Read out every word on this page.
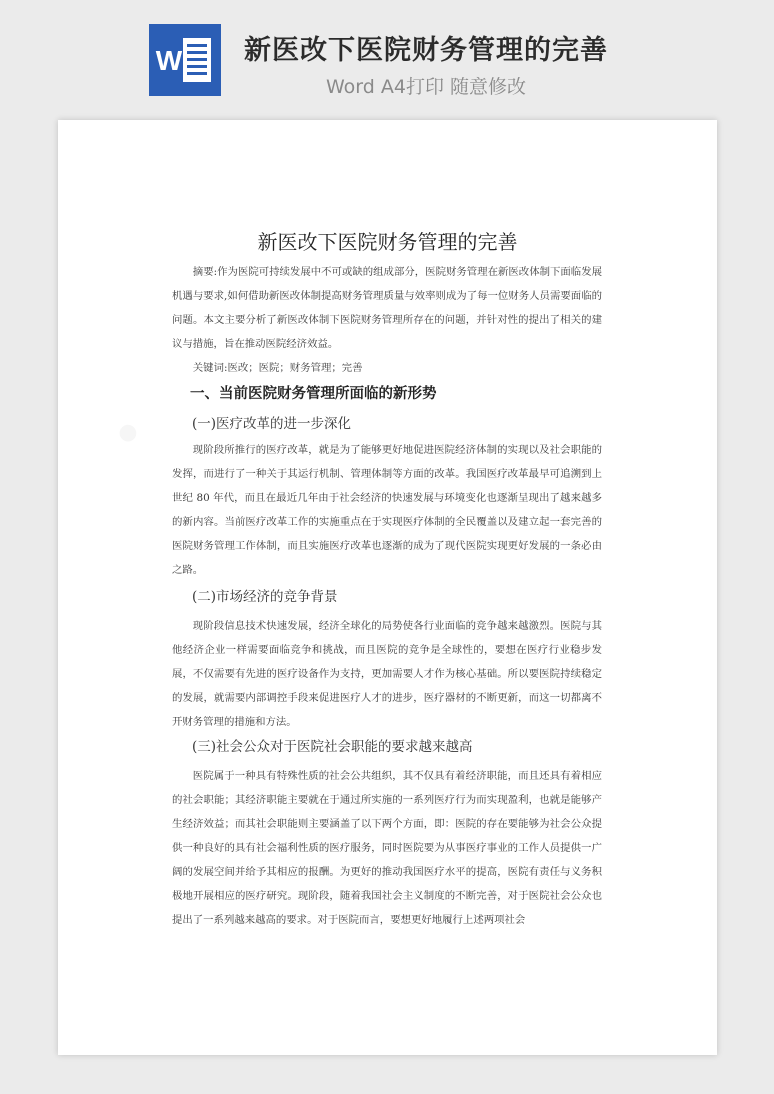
W 新医改下医院财务管理的完善
Word A4打印 随意修改
新医改下医院财务管理的完善

摘要:作为医院可持续发展中不可或缺的组成部分，医院财务管理在新医改体制下面临发展机遇与要求,如何借助新医改体制提高财务管理质量与效率则成为了每一位财务人员需要面临的问题。本文主要分析了新医改体制下医院财务管理所存在的问题，并针对性的提出了相关的建议与措施，旨在推动医院经济效益。

关键词:医改；医院；财务管理；完善

一、当前医院财务管理所面临的新形势
(一)医疗改革的进一步深化

现阶段所推行的医疗改革，就是为了能够更好地促进医院经济体制的实现以及社会职能的发挥，而进行了一种关于其运行机制、管理体制等方面的改革。我国医疗改革最早可追溯到上世纪 80 年代，而且在最近几年由于社会经济的快速发展与环境变化也逐渐呈现出了越来越多的新内容。当前医疗改革工作的实施重点在于实现医疗体制的全民覆盖以及建立起一套完善的医院财务管理工作体制，而且实施医疗改革也逐渐的成为了现代医院实现更好发展的一条必由之路。

(二)市场经济的竞争背景

现阶段信息技术快速发展，经济全球化的局势使各行业面临的竞争越来越激烈。医院与其他经济企业一样需要面临竞争和挑战，而且医院的竞争是全球性的，要想在医疗行业稳步发展，不仅需要有先进的医疗设备作为支持，更加需要人才作为核心基础。所以要医院持续稳定的发展，就需要内部调控手段来促进医疗人才的进步，医疗器材的不断更新，而这一切都离不开财务管理的措施和方法。

(三)社会公众对于医院社会职能的要求越来越高

医院属于一种具有特殊性质的社会公共组织，其不仅具有着经济职能，而且还具有着相应的社会职能；其经济职能主要就在于通过所实施的一系列医疗行为而实现盈利，也就是能够产生经济效益；而其社会职能则主要涵盖了以下两个方面，即：医院的存在要能够为社会公众提供一种良好的具有社会福利性质的医疗服务，同时医院要为从事医疗事业的工作人员提供一广阔的发展空间并给予其相应的报酬。为更好的推动我国医疗水平的提高，医院有责任与义务积极地开展相应的医疗研究。现阶段，随着我国社会主义制度的不断完善，对于医院社会公众也提出了一系列越来越高的要求。对于医院而言，要想更好地履行上述两项社会
